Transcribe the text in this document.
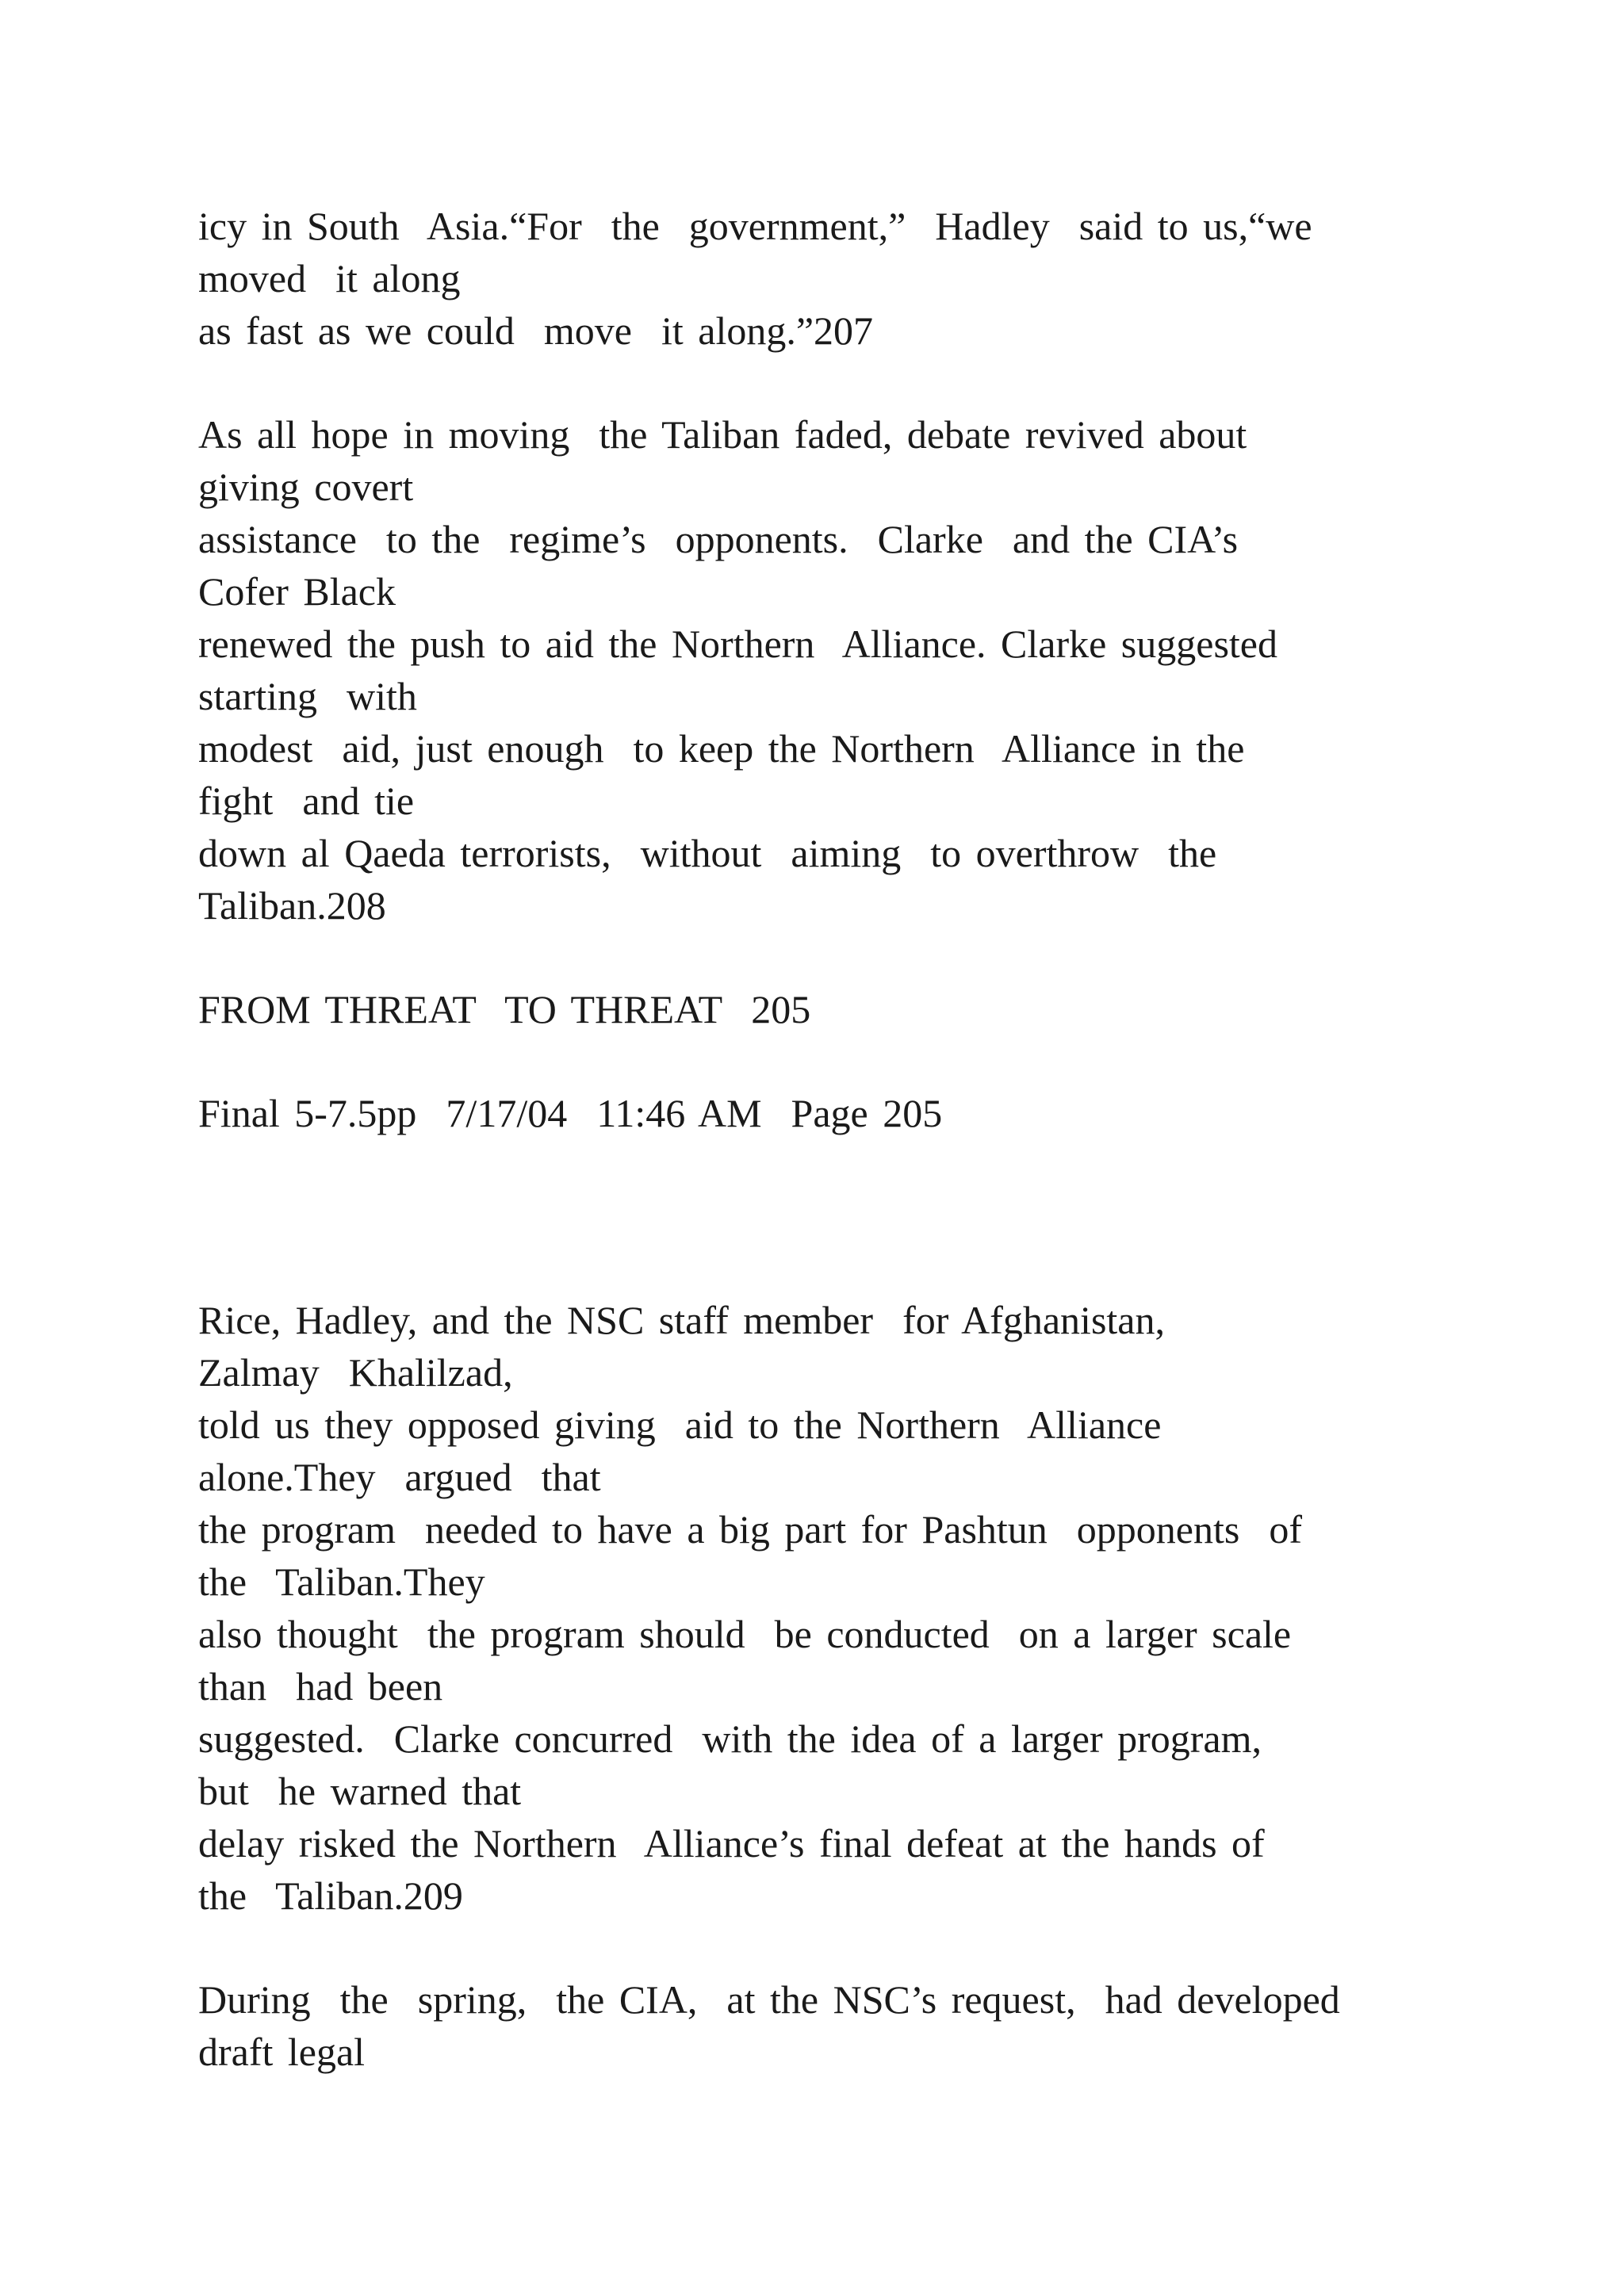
icy in South  Asia.“For  the  government,”  Hadley  said to us,“we

moved  it along

as fast as we could  move  it along.”207

As all hope in moving  the Taliban faded, debate revived about

giving covert

assistance  to the  regime’s  opponents.  Clarke  and the CIA’s

Cofer Black

renewed the push to aid the Northern  Alliance. Clarke suggested

starting  with

modest  aid, just enough  to keep the Northern  Alliance in the

fight  and tie

down al Qaeda terrorists,  without  aiming  to overthrow  the

Taliban.208

FROM THREAT  TO THREAT  205

Final 5-7.5pp  7/17/04  11:46 AM  Page 205

Rice, Hadley, and the NSC staff member  for Afghanistan,

Zalmay  Khalilzad,

told us they opposed giving  aid to the Northern  Alliance

alone.They  argued  that

the program  needed to have a big part for Pashtun  opponents  of

the  Taliban.They

also thought  the program should  be conducted  on a larger scale

than  had been

suggested.  Clarke concurred  with the idea of a larger program,

but  he warned that

delay risked the Northern  Alliance’s final defeat at the hands of

the  Taliban.209

During  the  spring,  the CIA,  at the NSC’s request,  had developed

draft legal
